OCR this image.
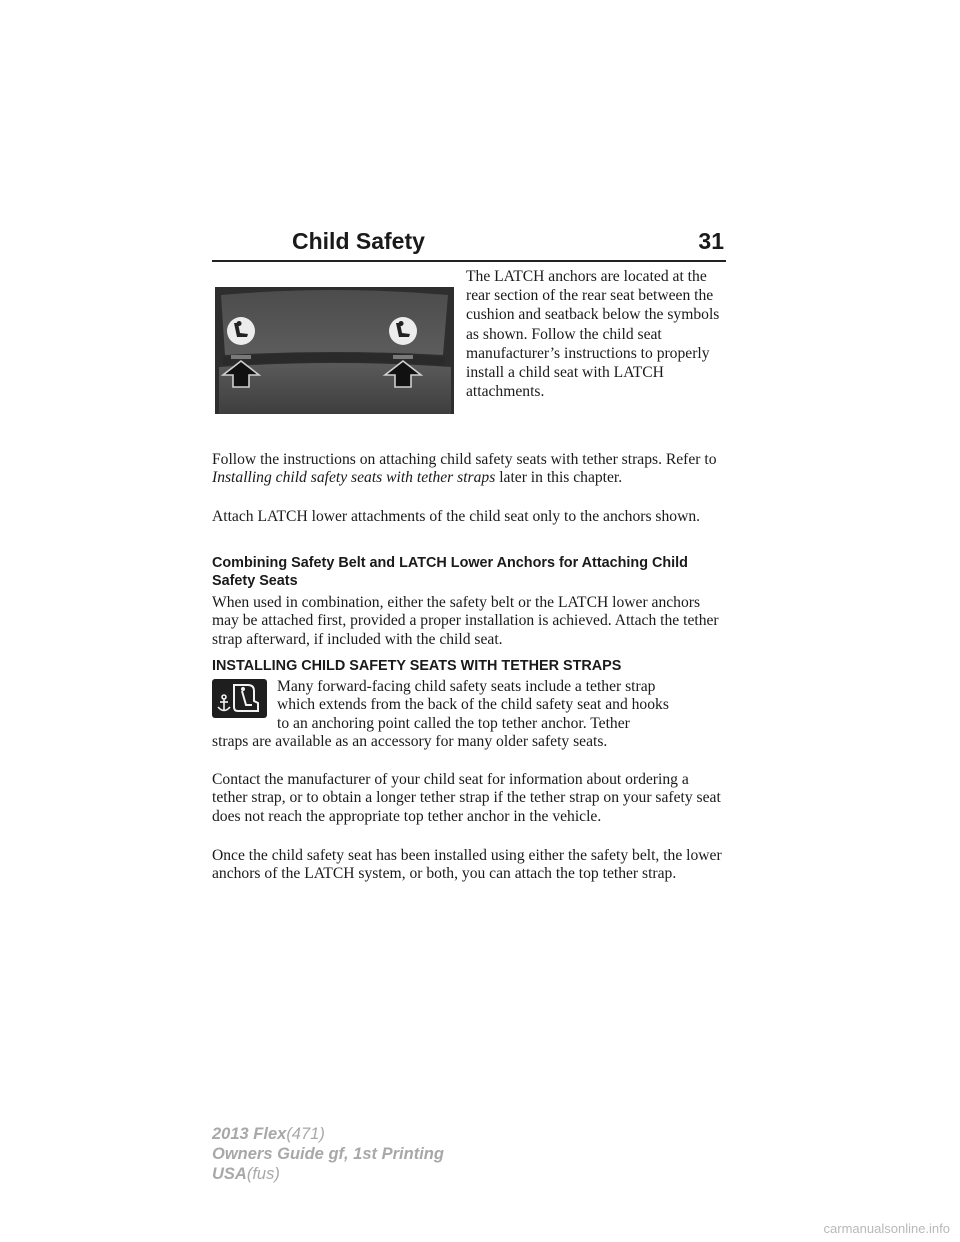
Child Safety	31

The LATCH anchors are located at the rear section of the rear seat between the cushion and seatback below the symbols as shown. Follow the child seat manufacturer’s instructions to properly install a child seat with LATCH attachments.

Follow the instructions on attaching child safety seats with tether straps. Refer to Installing child safety seats with tether straps later in this chapter.

Attach LATCH lower attachments of the child seat only to the anchors shown.

Combining Safety Belt and LATCH Lower Anchors for Attaching Child Safety Seats

When used in combination, either the safety belt or the LATCH lower anchors may be attached first, provided a proper installation is achieved. Attach the tether strap afterward, if included with the child seat.

INSTALLING CHILD SAFETY SEATS WITH TETHER STRAPS

Many forward-facing child safety seats include a tether strap
which extends from the back of the child safety seat and hooks
to an anchoring point called the top tether anchor. Tether

straps are available as an accessory for many older safety seats.

Contact the manufacturer of your child seat for information about ordering a tether strap, or to obtain a longer tether strap if the tether strap on your safety seat does not reach the appropriate top tether anchor in the vehicle.

Once the child safety seat has been installed using either the safety belt, the lower anchors of the LATCH system, or both, you can attach the top tether strap.

2013 Flex(471)
Owners Guide gf, 1st Printing
USA(fus)
carmanualsonline.info
